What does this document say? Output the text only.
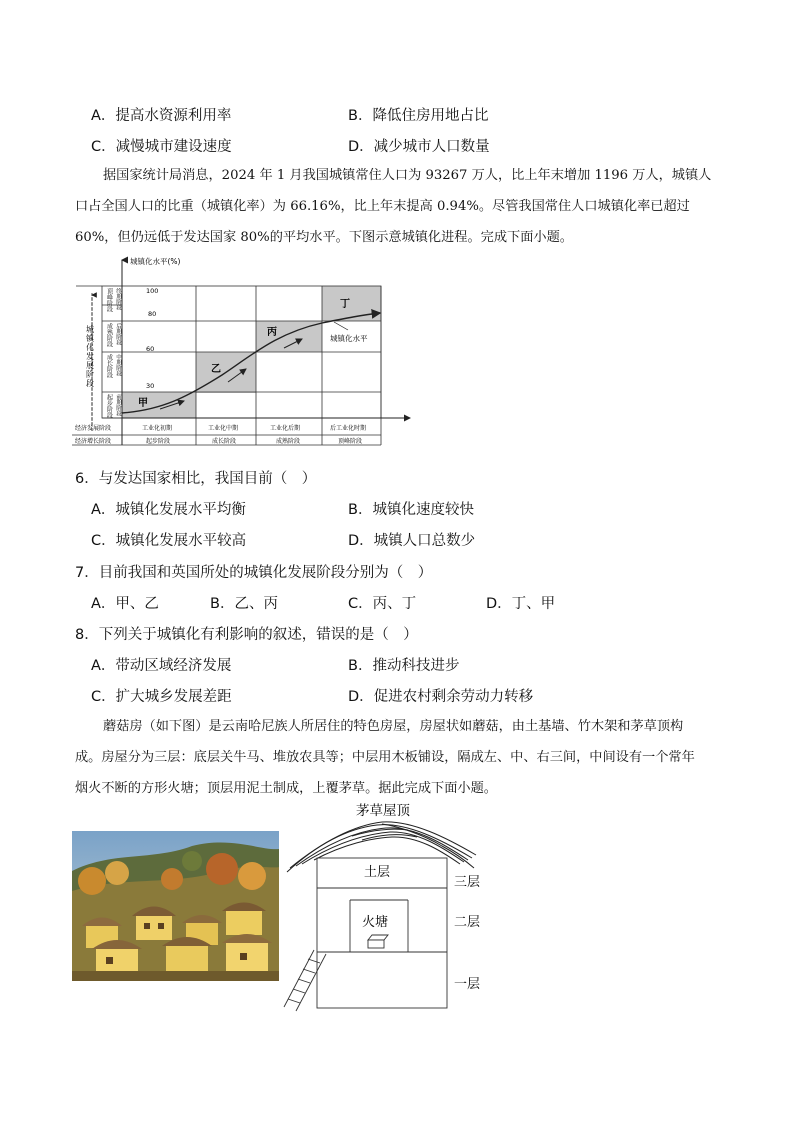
A．提高水资源利用率	B．降低住房用地占比
C．减慢城市建设速度	D．减少城市人口数量
据国家统计局消息，2024 年 1 月我国城镇常住人口为 93267 万人，比上年末增加 1196 万人，城镇人
口占全国人口的比重（城镇化率）为 66.16%，比上年末提高 0.94%。尽管我国常住人口城镇化率已超过
60%，但仍远低于发达国家 80%的平均水平。下图示意城镇化进程。完成下面小题。
城镇化水平(%)
100
80
60
30
城镇化发展阶段
顶峰阶段
成熟阶段
成长阶段
起步阶段
终期阶段
后期阶段
中期阶段
前期阶段 甲
乙
丙
丁
城镇化水平
经济发展阶段	工业化初期	工业化中期	工业化后期	后工业化时期
经济增长阶段	起步阶段	成长阶段	成熟阶段	顶峰阶段
6．与发达国家相比，我国目前（　）
A．城镇化发展水平均衡	B．城镇化速度较快
C．城镇化发展水平较高	D．城镇人口总数少
7．目前我国和英国所处的城镇化发展阶段分别为（　）
A．甲、乙	B．乙、丙	C．丙、丁	D．丁、甲
8．下列关于城镇化有利影响的叙述，错误的是（　）
A．带动区域经济发展	B．推动科技进步
C．扩大城乡发展差距	D．促进农村剩余劳动力转移
蘑菇房（如下图）是云南哈尼族人所居住的特色房屋，房屋状如蘑菇，由土基墙、竹木架和茅草顶构
成。房屋分为三层：底层关牛马、堆放农具等；中层用木板铺设，隔成左、中、右三间，中间设有一个常年
烟火不断的方形火塘；顶层用泥土制成，上覆茅草。据此完成下面小题。
茅草屋顶
土层
火塘
三层
二层
一层
